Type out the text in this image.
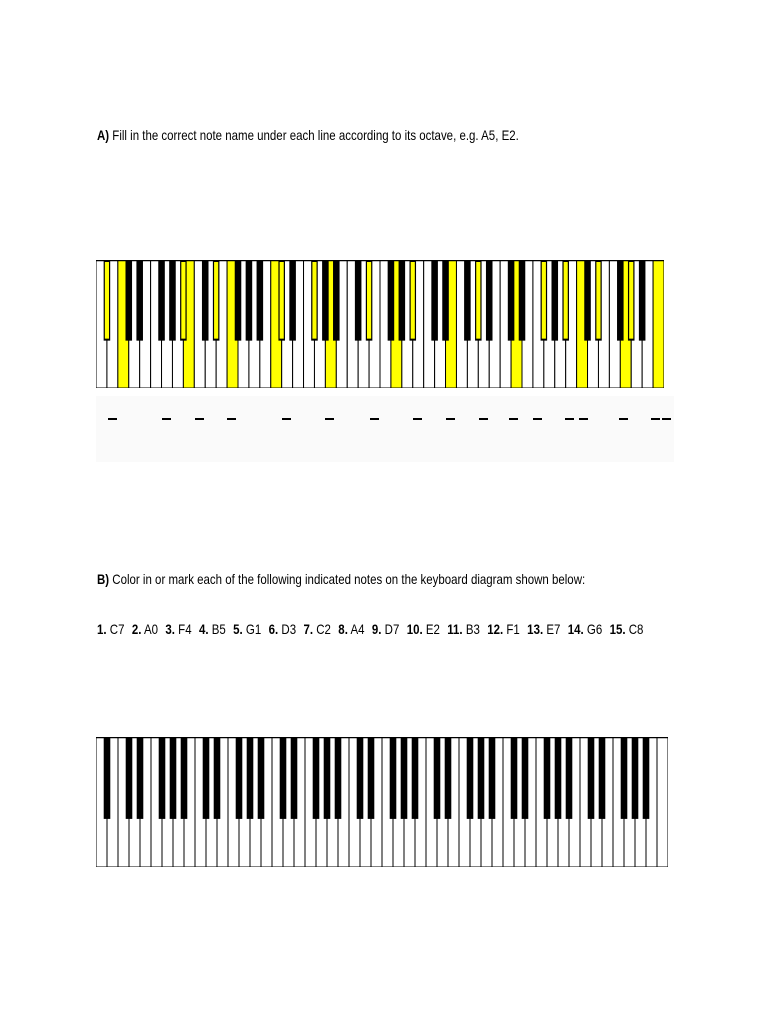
A) Fill in the correct note name under each line according to its octave, e.g. A5, E2.
B) Color in or mark each of the following indicated notes on the keyboard diagram shown below:
1. C7 2. A0 3. F4 4. B5 5. G1 6. D3 7. C2 8. A4 9. D7 10. E2 11. B3 12. F1 13. E7 14. G6 15. C8
